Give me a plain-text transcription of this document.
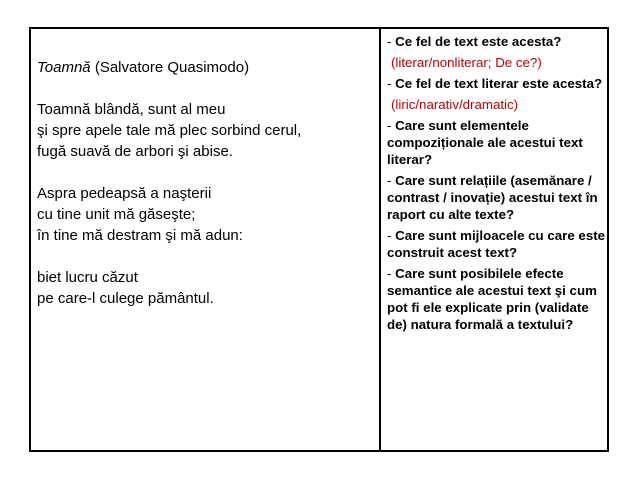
Toamnă (Salvatore Quasimodo)
Toamnă blândă, sunt al meu
şi spre apele tale mă plec sorbind cerul,
fugă suavă de arbori şi abise.
Aspra pedeapsă a naşterii
cu tine unit mă găseşte;
în tine mă destram şi mă adun:
biet lucru căzut
pe care-l culege pământul.
- Ce fel de text este acesta?
(literar/nonliterar; De ce?)
- Ce fel de text literar este acesta?
(liric/narativ/dramatic)
- Care sunt elementele compoziționale ale acestui text literar?
- Care sunt relațiile (asemănare / contrast / inovație) acestui text în raport cu alte texte?
- Care sunt mijloacele cu care este construit acest text?
- Care sunt posibilele efecte semantice ale acestui text şi cum pot fi ele explicate prin (validate de) natura formală a textului?
